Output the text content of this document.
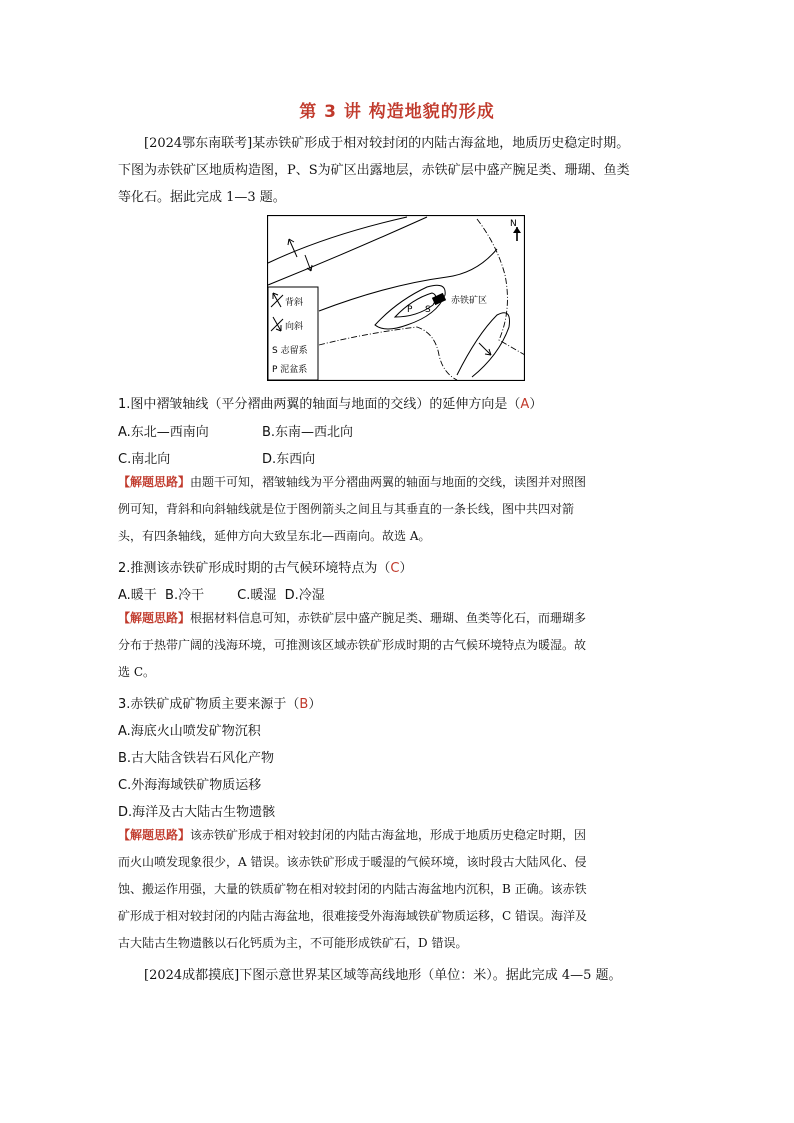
第 3 讲 构造地貌的形成
[2024鄂东南联考]某赤铁矿形成于相对较封闭的内陆古海盆地，地质历史稳定时期。
下图为赤铁矿区地质构造图，P、S为矿区出露地层，赤铁矿层中盛产腕足类、珊瑚、鱼类
等化石。据此完成 1—3 题。
赤铁矿区
P S
N
背斜
向斜
S 志留系
P 泥盆系
1.图中褶皱轴线（平分褶曲两翼的轴面与地面的交线）的延伸方向是（A）
A.东北—西南向	B.东南—西北向
C.南北向	D.东西向
【解题思路】由题干可知，褶皱轴线为平分褶曲两翼的轴面与地面的交线，读图并对照图
例可知，背斜和向斜轴线就是位于图例箭头之间且与其垂直的一条长线，图中共四对箭
头，有四条轴线，延伸方向大致呈东北—西南向。故选 A。
2.推测该赤铁矿形成时期的古气候环境特点为（C）
A.暖干  B.冷干        C.暖湿  D.冷湿
【解题思路】根据材料信息可知，赤铁矿层中盛产腕足类、珊瑚、鱼类等化石，而珊瑚多
分布于热带广阔的浅海环境，可推测该区域赤铁矿形成时期的古气候环境特点为暖湿。故
选 C。
3.赤铁矿成矿物质主要来源于（B）
A.海底火山喷发矿物沉积
B.古大陆含铁岩石风化产物
C.外海海域铁矿物质运移
D.海洋及古大陆古生物遗骸
【解题思路】该赤铁矿形成于相对较封闭的内陆古海盆地，形成于地质历史稳定时期，因
而火山喷发现象很少，A 错误。该赤铁矿形成于暖湿的气候环境，该时段古大陆风化、侵
蚀、搬运作用强，大量的铁质矿物在相对较封闭的内陆古海盆地内沉积，B 正确。该赤铁
矿形成于相对较封闭的内陆古海盆地，很难接受外海海域铁矿物质运移，C 错误。海洋及
古大陆古生物遗骸以石化钙质为主，不可能形成铁矿石，D 错误。
[2024成都摸底]下图示意世界某区域等高线地形（单位：米）。据此完成 4—5 题。
